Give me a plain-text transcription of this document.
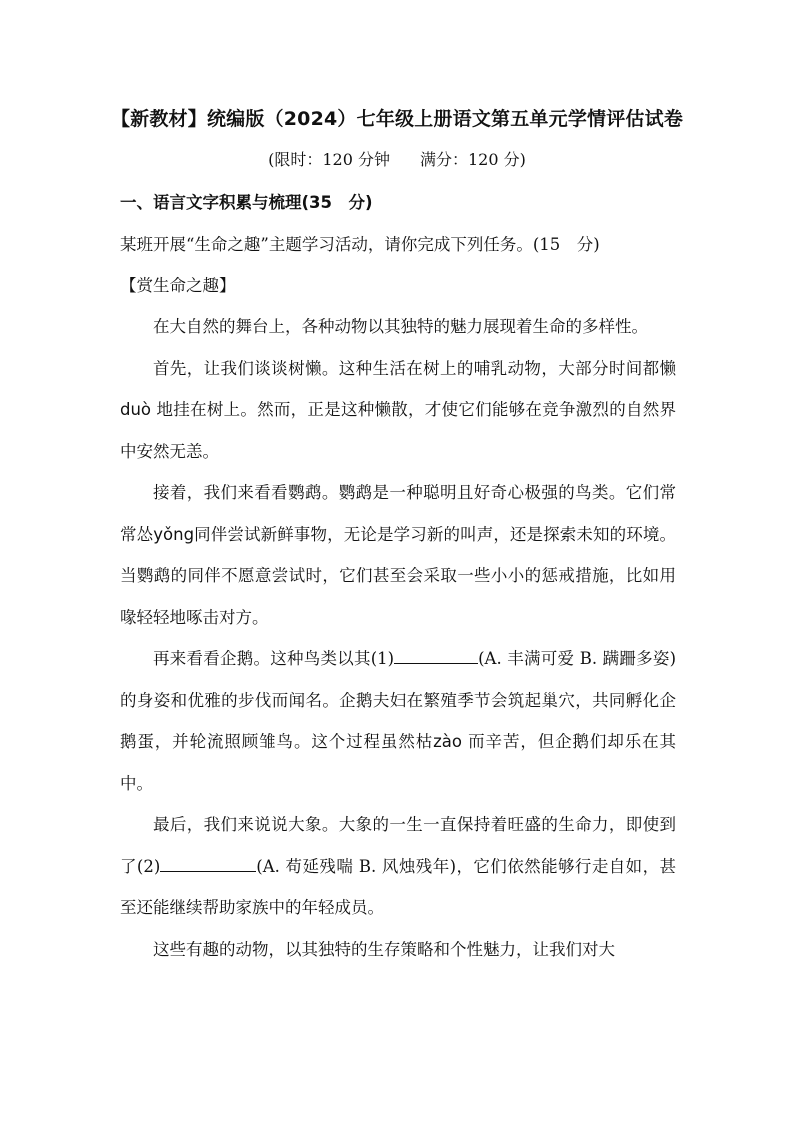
【新教材】统编版（2024）七年级上册语文第五单元学情评估试卷
(限时：120 分钟 满分：120 分)
一、语言文字积累与梳理(35　分)
某班开展“生命之趣”主题学习活动，请你完成下列任务。(15　分)
【赏生命之趣】

在大自然的舞台上，各种动物以其独特的魅力展现着生命的多样性。

首先，让我们谈谈树懒。这种生活在树上的哺乳动物，大部分时间都懒duò 地挂在树上。然而，正是这种懒散，才使它们能够在竞争激烈的自然界中安然无恙。

接着，我们来看看鹦鹉。鹦鹉是一种聪明且好奇心极强的鸟类。它们常常怂yǒng同伴尝试新鲜事物，无论是学习新的叫声，还是探索未知的环境。当鹦鹉的同伴不愿意尝试时，它们甚至会采取一些小小的惩戒措施，比如用喙轻轻地啄击对方。

再来看看企鹅。这种鸟类以其(1)	(A. 丰满可爱 B. 蹒跚多姿)的身姿和优雅的步伐而闻名。企鹅夫妇在繁殖季节会筑起巢穴，共同孵化企鹅蛋，并轮流照顾雏鸟。这个过程虽然枯zào 而辛苦，但企鹅们却乐在其中。

最后，我们来说说大象。大象的一生一直保持着旺盛的生命力，即使到了(2)	(A. 苟延残喘 B. 风烛残年)，它们依然能够行走自如，甚至还能继续帮助家族中的年轻成员。

这些有趣的动物，以其独特的生存策略和个性魅力，让我们对大
